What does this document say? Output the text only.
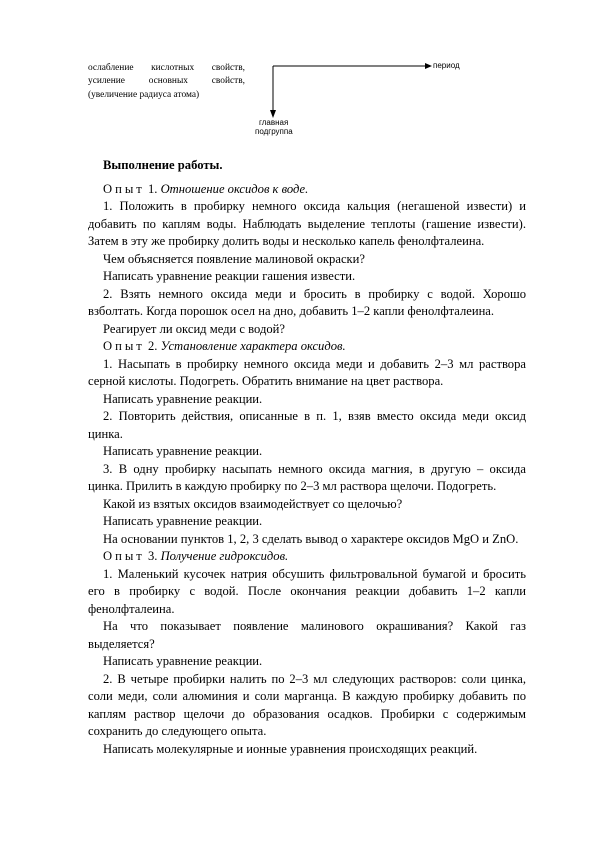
ослабление кислотных свойств, усиление основных свойств, (увеличение радиуса атома)
период
главная
подгруппа

Выполнение работы.

Опыт 1. Отношение оксидов к воде.

1. Положить в пробирку немного оксида кальция (негашеной извести) и добавить по каплям воды. Наблюдать выделение теплоты (гашение извести). Затем в эту же пробирку долить воды и несколько капель фенолфталеина.

Чем объясняется появление малиновой окраски?

Написать уравнение реакции гашения извести.

2. Взять немного оксида меди и бросить в пробирку с водой. Хорошо взболтать. Когда порошок осел на дно, добавить 1–2 капли фенолфталеина.

Реагирует ли оксид меди с водой?

Опыт 2. Установление характера оксидов.

1. Насыпать в пробирку немного оксида меди и добавить 2–3 мл раствора серной кислоты. Подогреть. Обратить внимание на цвет раствора.

Написать уравнение реакции.

2. Повторить действия, описанные в п. 1, взяв вместо оксида меди оксид цинка.

Написать уравнение реакции.

3. В одну пробирку насыпать немного оксида магния, в другую – оксида цинка. Прилить в каждую пробирку по 2–3 мл раствора щелочи. Подогреть.

Какой из взятых оксидов взаимодействует со щелочью?

Написать уравнение реакции.

На основании пунктов 1, 2, 3 сделать вывод о характере оксидов MgO и ZnO.

Опыт 3. Получение гидроксидов.

1. Маленький кусочек натрия обсушить фильтровальной бумагой и бросить его в пробирку с водой. После окончания реакции добавить 1–2 капли фенолфталеина.

На что показывает появление малинового окрашивания? Какой газ выделяется?

Написать уравнение реакции.

2. В четыре пробирки налить по 2–3 мл следующих растворов: соли цинка, соли меди, соли алюминия и соли марганца. В каждую пробирку добавить по каплям раствор щелочи до образования осадков. Пробирки с содержимым сохранить до следующего опыта.

Написать молекулярные и ионные уравнения происходящих реакций.
